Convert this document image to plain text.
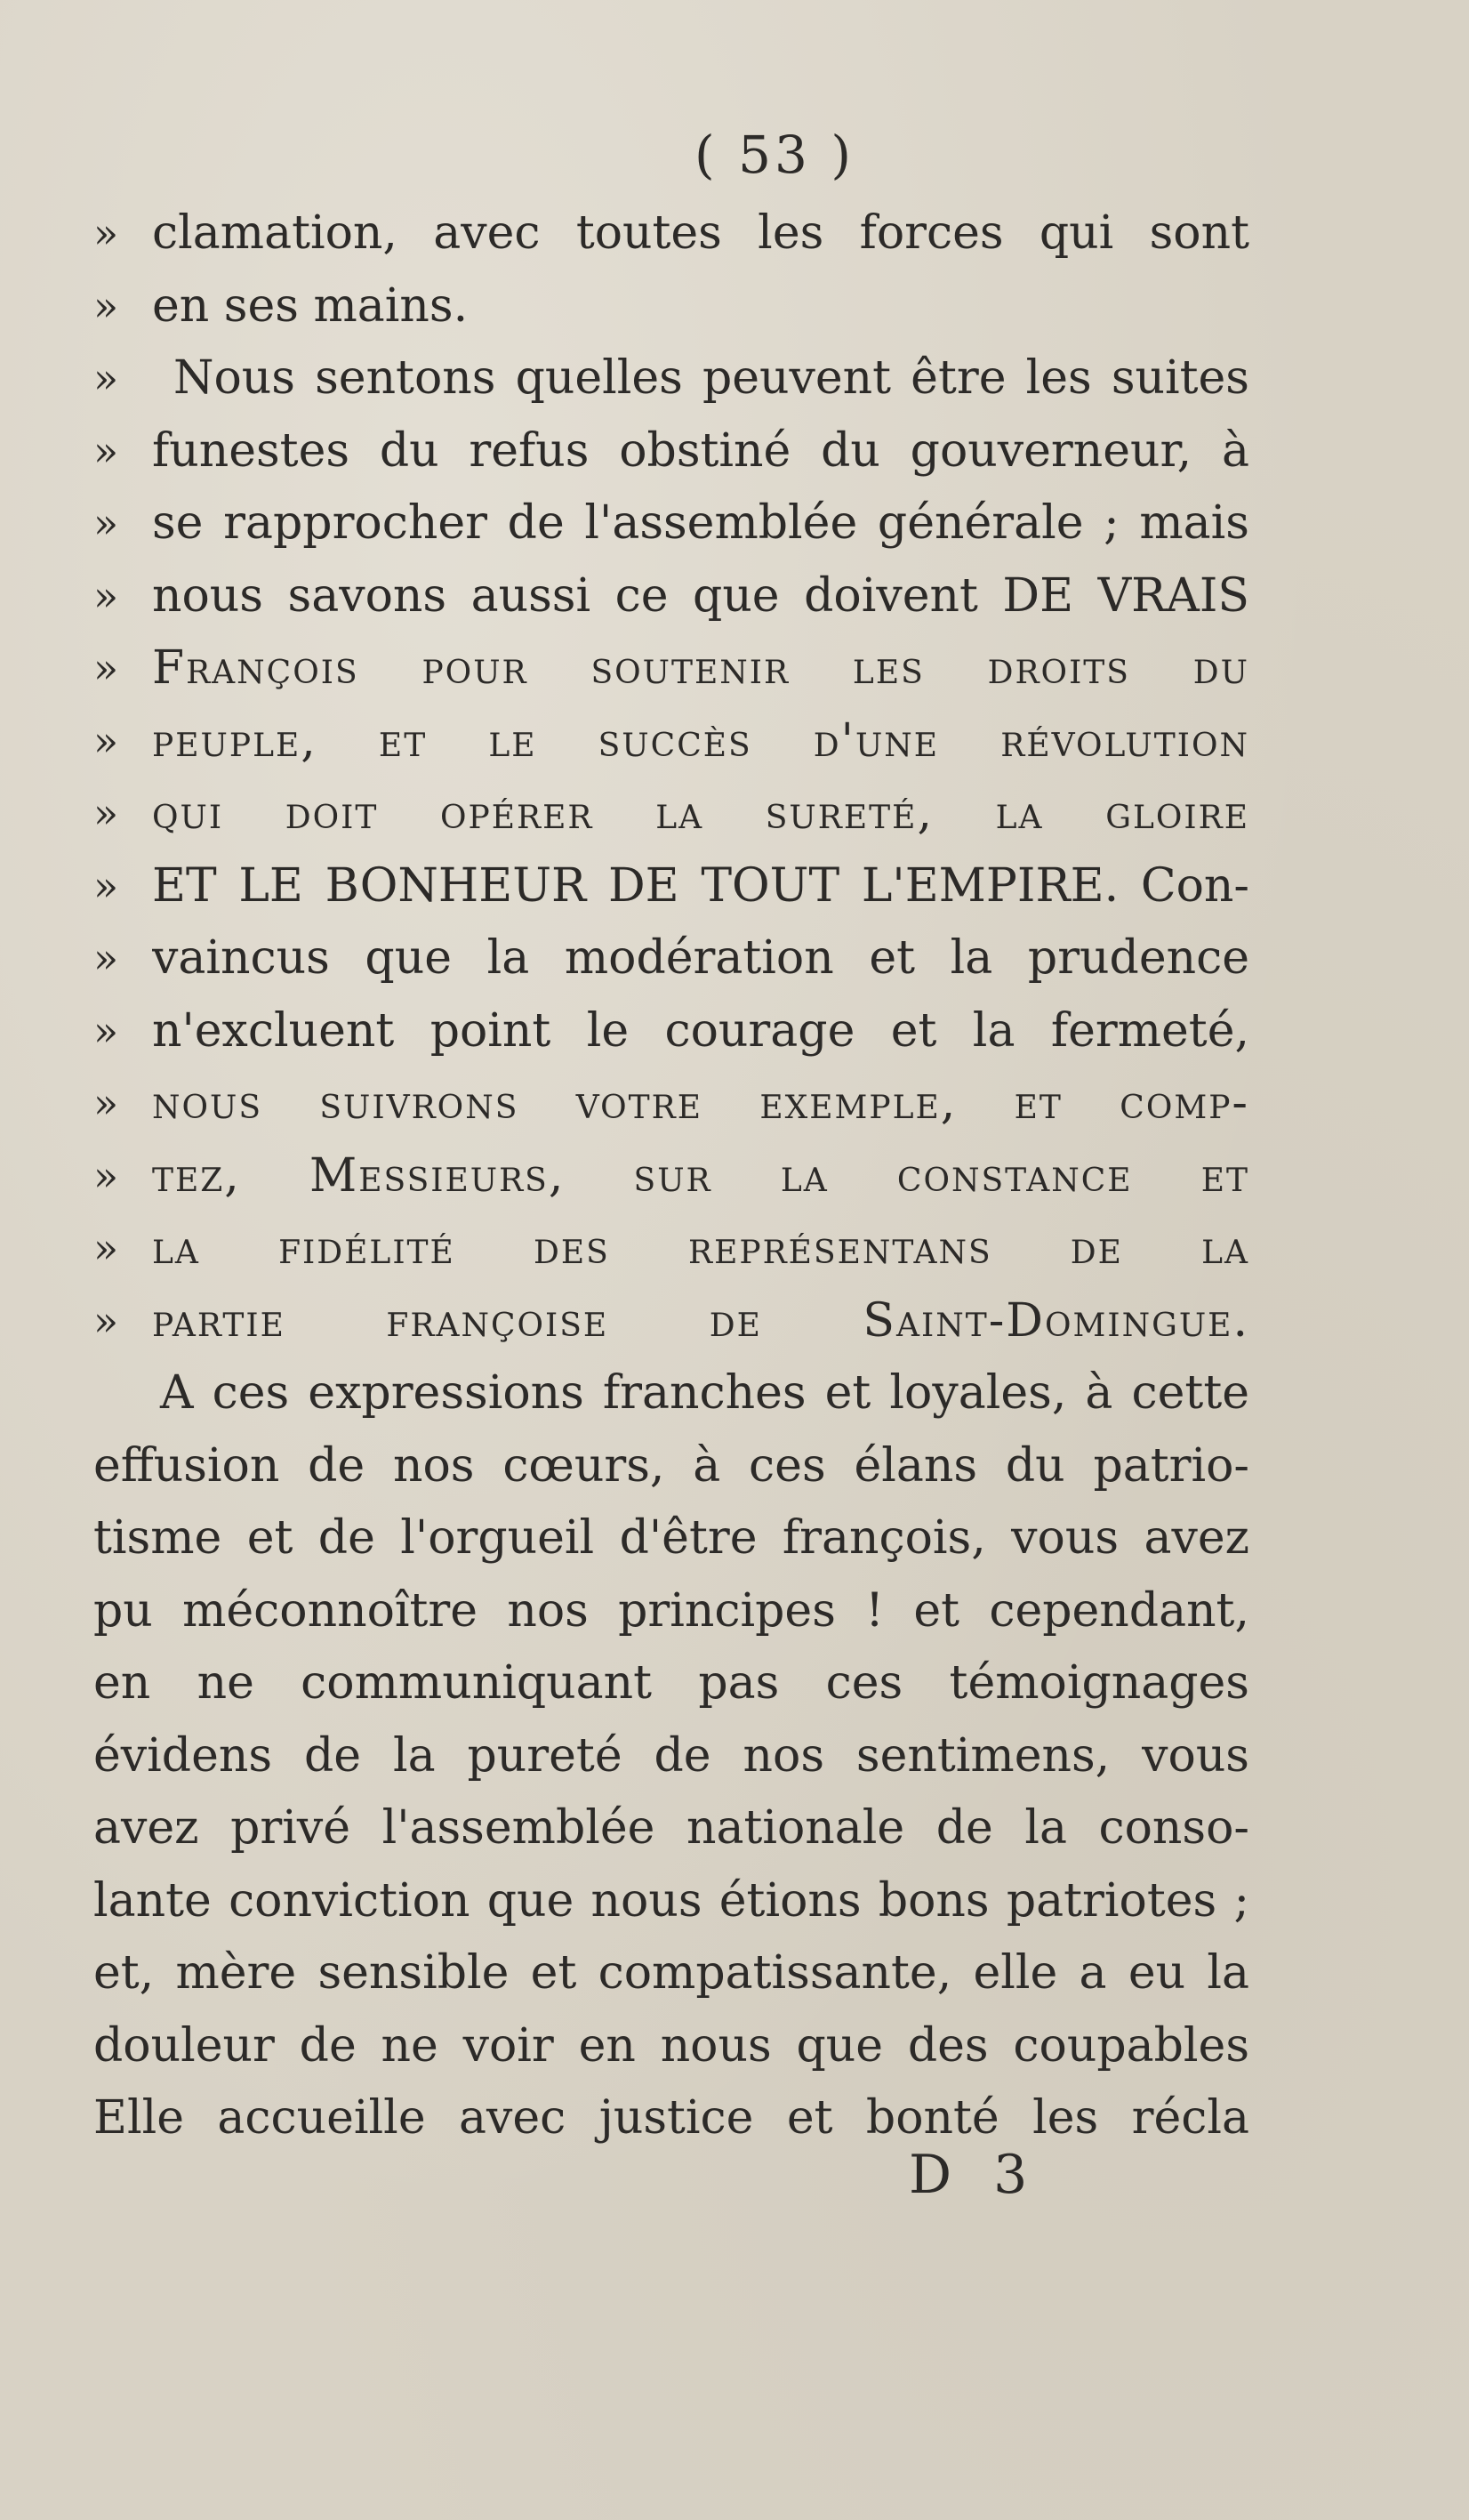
( 53 )
» clamation, avec toutes les forces qui sont
» en ses mains.
»	Nous sentons quelles peuvent être les suites
» funestes du refus obstiné du gouverneur, à
» se rapprocher de l'assemblée générale ; mais
» nous savons aussi ce que doivent DE VRAIS
» François pour soutenir les droits du
» peuple, et le succès d'une révolution
» qui doit opérer la sureté, la gloire
» ET LE BONHEUR DE TOUT L'EMPIRE. Con-
» vaincus que la modération et la prudence
» n'excluent point le courage et la fermeté,
» nous suivrons votre exemple, et comp-
» tez, Messieurs, sur la constance et
» la fidélité des représentans de la
» partie françoise de Saint-Domingue.
A ces expressions franches et loyales, à cette
effusion de nos cœurs, à ces élans du patrio-
tisme et de l'orgueil d'être françois, vous avez
pu méconnoître nos principes ! et cependant,
en ne communiquant pas ces témoignages
évidens de la pureté de nos sentimens, vous
avez privé l'assemblée nationale de la conso-
lante conviction que nous étions bons patriotes ;
et, mère sensible et compatissante, elle a eu la
douleur de ne voir en nous que des coupables
Elle accueille avec justice et bonté les récla
D 3
